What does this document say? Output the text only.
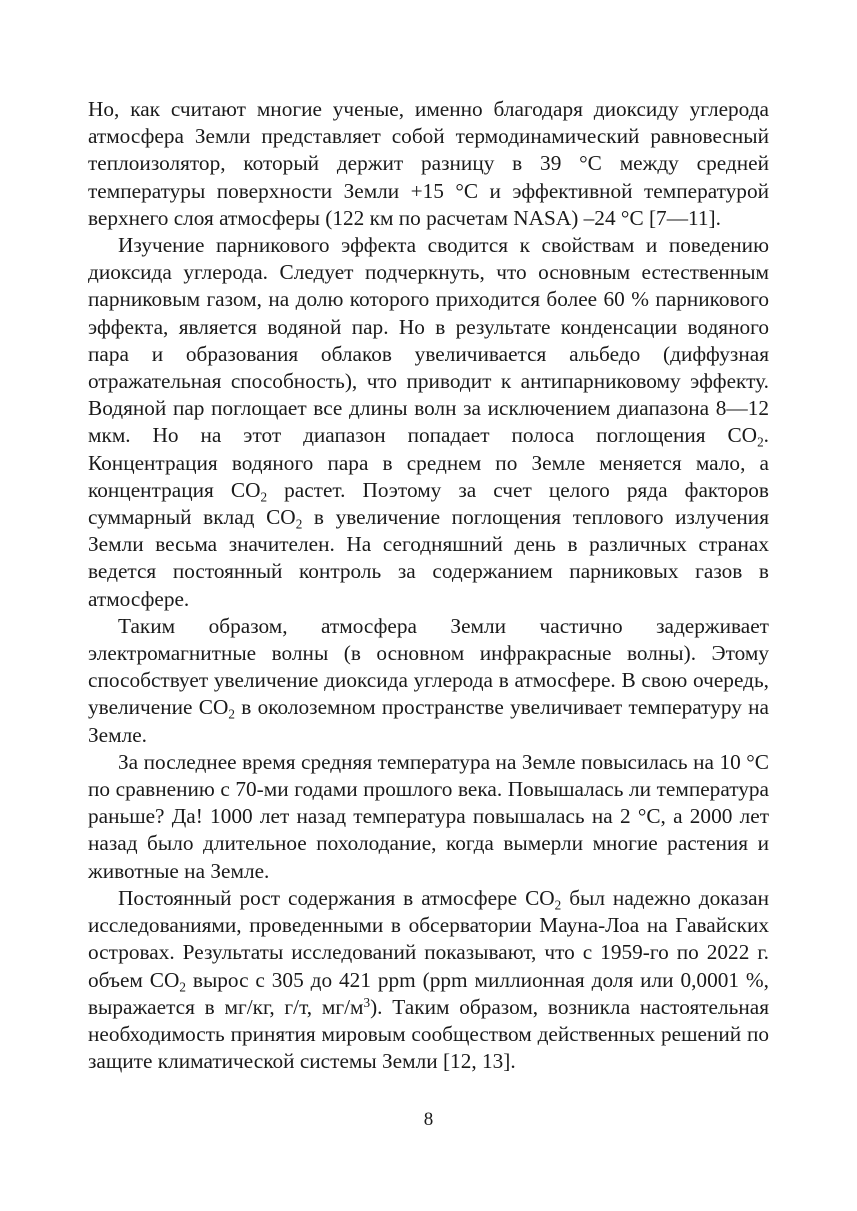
Но, как считают многие ученые, именно благодаря диоксиду углерода атмосфера Земли представляет собой термодинамический равновесный теплоизолятор, который держит разницу в 39 °С между средней температуры поверхности Земли +15 °С и эффективной температурой верхнего слоя атмосферы (122 км по расчетам NASA) –24 °С [7—11].

Изучение парникового эффекта сводится к свойствам и поведению диоксида углерода. Следует подчеркнуть, что основным естественным парниковым газом, на долю которого приходится более 60 % парникового эффекта, является водяной пар. Но в результате конденсации водяного пара и образования облаков увеличивается альбедо (диффузная отражательная способность), что приводит к антипарниковому эффекту. Водяной пар поглощает все длины волн за исключением диапазона 8—12 мкм. Но на этот диапазон попадает полоса поглощения $СО_2$. Концентрация водяного пара в среднем по Земле меняется мало, а концентрация $СО_2$ растет. Поэтому за счет целого ряда факторов суммарный вклад $СО_2$ в увеличение поглощения теплового излучения Земли весьма значителен. На сегодняшний день в различных странах ведется постоянный контроль за содержанием парниковых газов в атмосфере.

Таким образом, атмосфера Земли частично задерживает электромагнитные волны (в основном инфракрасные волны). Этому способствует увеличение диоксида углерода в атмосфере. В свою очередь, увеличение $СО_2$ в околоземном пространстве увеличивает температуру на Земле.

За последнее время средняя температура на Земле повысилась на 10 °С по сравнению с 70-ми годами прошлого века. Повышалась ли температура раньше? Да! 1000 лет назад температура повышалась на 2 °С, а 2000 лет назад было длительное похолодание, когда вымерли многие растения и животные на Земле.

Постоянный рост содержания в атмосфере $СО_2$ был надежно доказан исследованиями, проведенными в обсерватории Мауна-Лоа на Гавайских островах. Результаты исследований показывают, что с 1959-го по 2022 г. объем $СО_2$ вырос с 305 до 421 ppm (ppm миллионная доля или 0,0001 %, выражается в мг/кг, г/т, $мг/м^3$). Таким образом, возникла настоятельная необходимость принятия мировым сообществом действенных решений по защите климатической системы Земли [12, 13].

8
